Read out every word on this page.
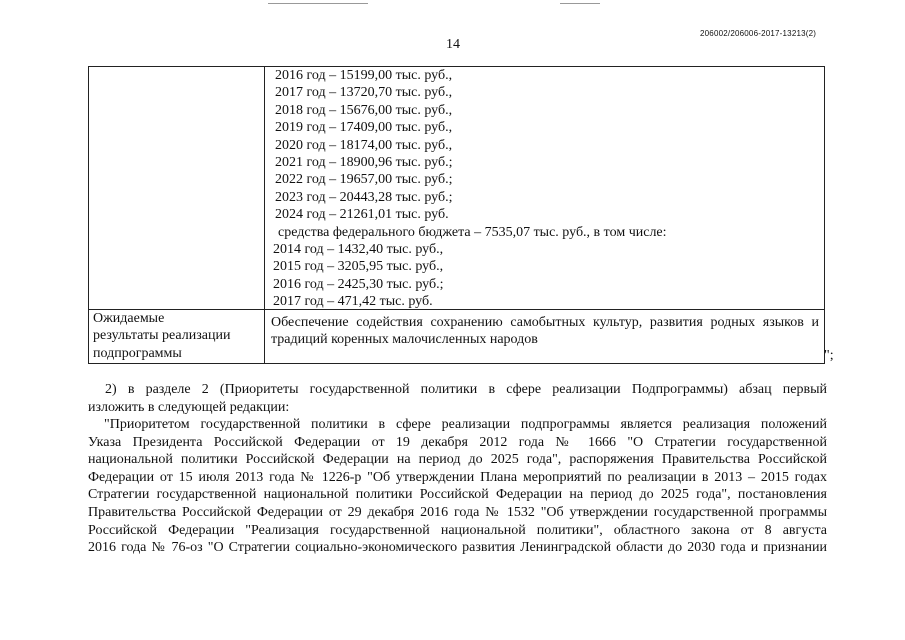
206002/206006-2017-13213(2)
14
2016 год – 15199,00 тыс. руб.,
2017 год – 13720,70 тыс. руб.,
2018 год – 15676,00 тыс. руб.,
2019 год – 17409,00 тыс. руб.,
2020 год – 18174,00 тыс. руб.,
2021 год – 18900,96 тыс. руб.;
2022 год – 19657,00 тыс. руб.;
2023 год – 20443,28 тыс. руб.;
2024 год – 21261,01 тыс. руб.
средства федерального бюджета – 7535,07 тыс. руб., в том числе:
2014 год – 1432,40 тыс. руб.,
2015 год – 3205,95 тыс. руб.,
2016 год – 2425,30 тыс. руб.;
2017 год – 471,42 тыс. руб.
Ожидаемые
результаты реализации
подпрограммы
Обеспечение содействия сохранению самобытных культур, развития родных языков и традиций коренных малочисленных народов
";
2) в разделе 2 (Приоритеты государственной политики в сфере реализации Подпрограммы) абзац первый
изложить в следующей редакции:
"Приоритетом государственной политики в сфере реализации подпрограммы является реализация положений
Указа Президента Российской Федерации от 19 декабря 2012 года № 1666 "О Стратегии государственной
национальной политики Российской Федерации на период до 2025 года", распоряжения Правительства Российской
Федерации от 15 июля 2013 года № 1226-р "Об утверждении Плана мероприятий по реализации в 2013 – 2015 годах
Стратегии государственной национальной политики Российской Федерации на период до 2025 года", постановления
Правительства Российской Федерации от 29 декабря 2016 года № 1532 "Об утверждении государственной программы
Российской Федерации "Реализация государственной национальной политики", областного закона от 8 августа
2016 года № 76-оз "О Стратегии социально-экономического развития Ленинградской области до 2030 года и признании
